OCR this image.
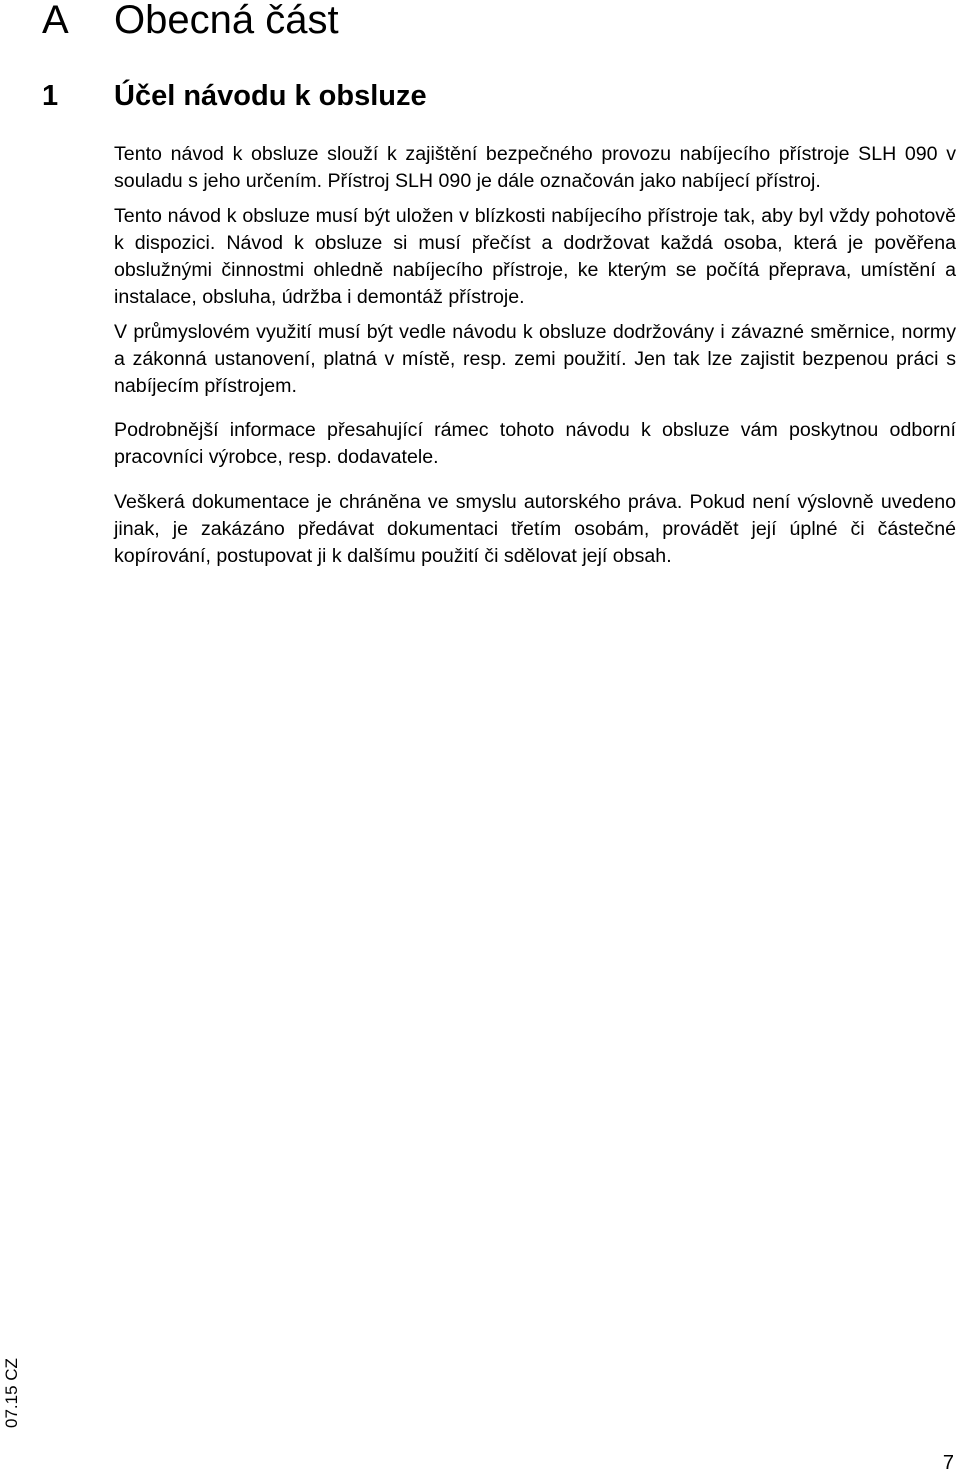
A Obecná část
1 Účel návodu k obsluze

Tento návod k obsluze slouží k zajištění bezpečného provozu nabíjecího přístroje SLH 090 v souladu s jeho určením. Přístroj SLH 090 je dále označován jako nabíjecí přístroj.

Tento návod k obsluze musí být uložen v blízkosti nabíjecího přístroje tak, aby byl vždy pohotově k dispozici. Návod k obsluze si musí přečíst a dodržovat každá osoba, která je pověřena obslužnými činnostmi ohledně nabíjecího přístroje, ke kterým se počítá přeprava, umístění a instalace, obsluha, údržba i demontáž přístroje.

V průmyslovém využití musí být vedle návodu k obsluze dodržovány i závazné směrnice, normy a zákonná ustanovení, platná v místě, resp. zemi použití. Jen tak lze zajistit bezpenou práci s nabíjecím přístrojem.

Podrobnější informace přesahující rámec tohoto návodu k obsluze vám poskytnou odborní pracovníci výrobce, resp. dodavatele.

Veškerá dokumentace je chráněna ve smyslu autorského práva. Pokud není výslovně uvedeno jinak, je zakázáno předávat dokumentaci třetím osobám, provádět její úplné či částečné kopírování, postupovat ji k dalšímu použití či sdělovat její obsah.

07.15 CZ
7
